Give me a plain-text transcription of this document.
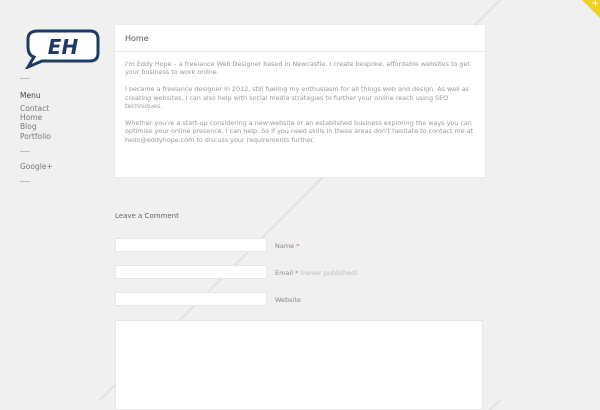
EH
Menu
Contact
Home
Blog
Portfolio
Google+
Home

I'm Eddy Hope – a freelance Web Designer based in Newcastle. I create bespoke, affordable websites to get your business to work online.

I became a freelance designer in 2012, still fueling my enthusiasm for all things web and design. As well as creating websites, I can also help with social media strategies to further your online reach using SEO techniques.

Whether you're a start-up considering a new website or an established business exploring the ways you can optimise your online presence, I can help. So if you need skills in these areas don't hesitate to contact me at hello@eddyhope.com to discuss your requirements further.

Leave a Comment
Name *
Email * (never published)
Website
+
